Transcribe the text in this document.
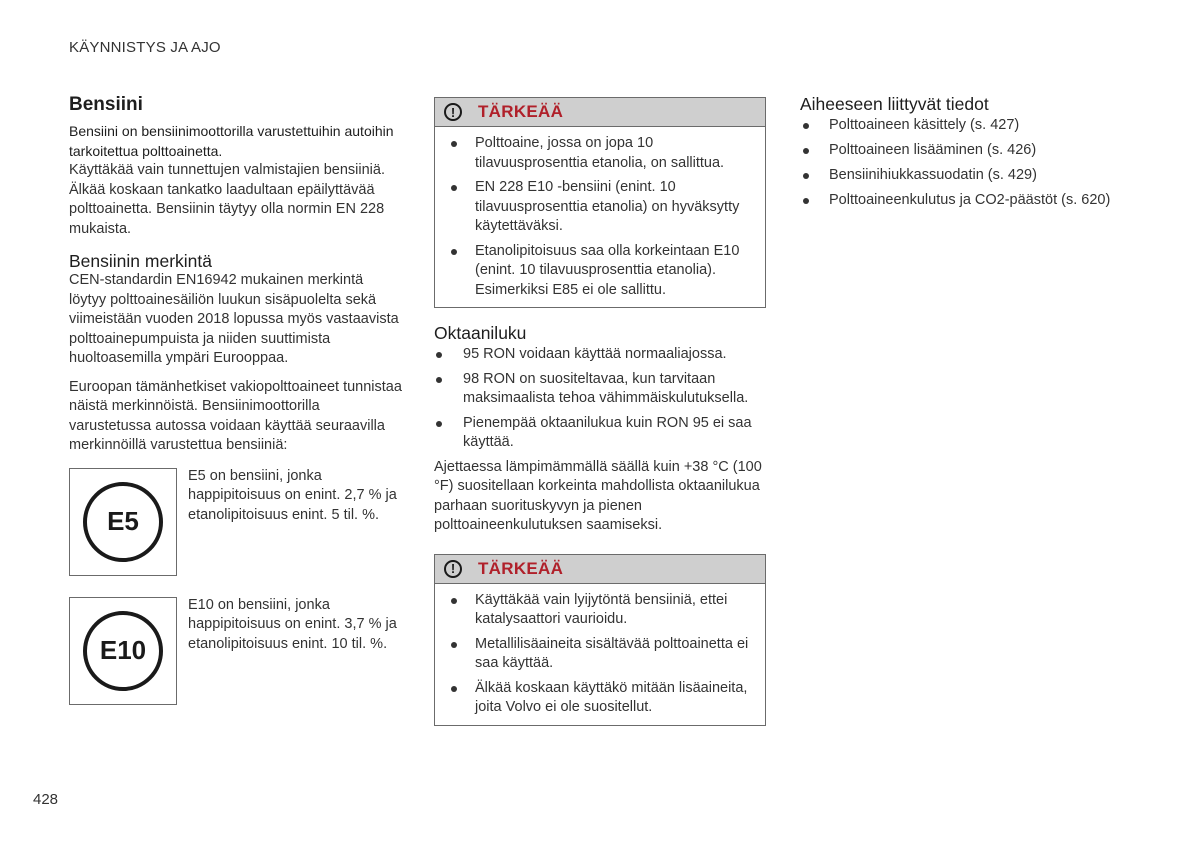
KÄYNNISTYS JA AJO
Bensiini
Bensiini on bensiinimoottorilla varustettuihin autoihin tarkoitettua polttoainetta.

Käyttäkää vain tunnettujen valmistajien bensiiniä. Älkää koskaan tankatko laadultaan epäilyttävää polttoainetta. Bensiinin täytyy olla normin EN 228 mukaista.

Bensiinin merkintä

CEN-standardin EN16942 mukainen merkintä löytyy polttoainesäiliön luukun sisäpuolelta sekä viimeistään vuoden 2018 lopussa myös vastaavista polttoainepumpuista ja niiden suuttimista huoltoasemilla ympäri Eurooppaa.

Euroopan tämänhetkiset vakiopolttoaineet tunnistaa näistä merkinnöistä. Bensiinimoottorilla varustetussa autossa voidaan käyttää seuraavilla merkinnöillä varustettua bensiiniä:

E5

E5 on bensiini, jonka happipitoisuus on enint. 2,7 % ja etanolipitoisuus enint. 5 til. %.

E10

E10 on bensiini, jonka happipitoisuus on enint. 3,7 % ja etanolipitoisuus enint. 10 til. %.

!	TÄRKEÄÄ
Polttoaine, jossa on jopa 10 tilavuusprosenttia etanolia, on sallittua.
EN 228 E10 -bensiini (enint. 10 tilavuusprosenttia etanolia) on hyväksytty käytettäväksi.
Etanolipitoisuus saa olla korkeintaan E10 (enint. 10 tilavuusprosenttia etanolia). Esimerkiksi E85 ei ole sallittu.
Oktaaniluku
95 RON voidaan käyttää normaaliajossa.
98 RON on suositeltavaa, kun tarvitaan maksimaalista tehoa vähimmäiskulutuksella.
Pienempää oktaanilukua kuin RON 95 ei saa käyttää.

Ajettaessa lämpimämmällä säällä kuin +38 °C (100 °F) suositellaan korkeinta mahdollista oktaanilukua parhaan suorituskyvyn ja pienen polttoaineenkulutuksen saamiseksi.

!	TÄRKEÄÄ
Käyttäkää vain lyijytöntä bensiiniä, ettei katalysaattori vaurioidu.
Metallilisäaineita sisältävää polttoainetta ei saa käyttää.
Älkää koskaan käyttäkö mitään lisäaineita, joita Volvo ei ole suositellut.
Aiheeseen liittyvät tiedot
Polttoaineen käsittely (s. 427)
Polttoaineen lisääminen (s. 426)
Bensiinihiukkassuodatin (s. 429)
Polttoaineenkulutus ja CO2-päästöt (s. 620)
428
